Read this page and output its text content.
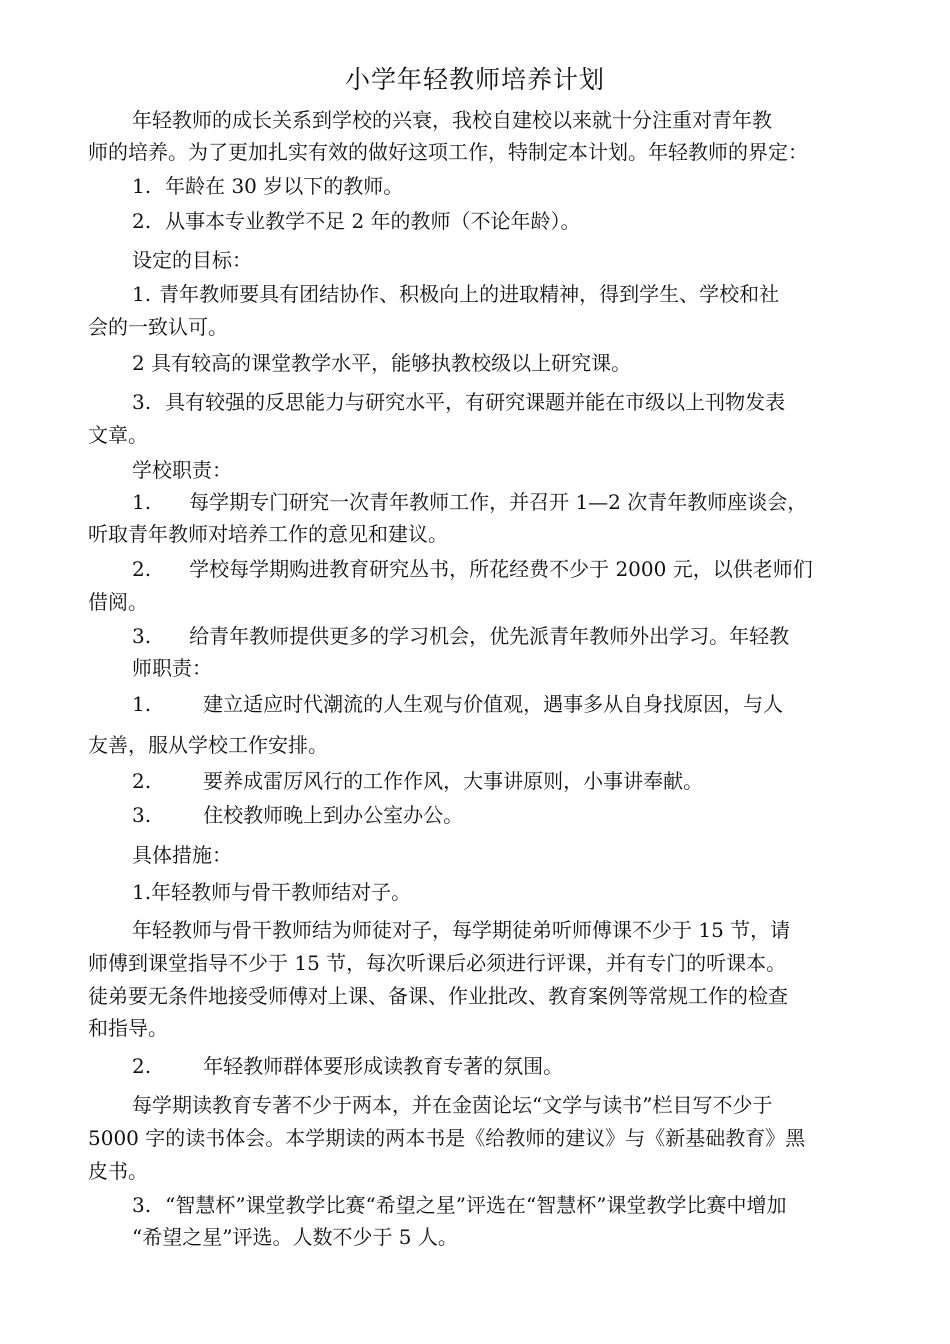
小学年轻教师培养计划
年轻教师的成长关系到学校的兴衰，我校自建校以来就十分注重对青年教
师的培养。为了更加扎实有效的做好这项工作，特制定本计划。年轻教师的界定：
1. 年龄在 30 岁以下的教师。
2. 从事本专业教学不足 2 年的教师（不论年龄）。
设定的目标：
1. 青年教师要具有团结协作、积极向上的进取精神，得到学生、学校和社
会的一致认可。
2 具有较高的课堂教学水平，能够执教校级以上研究课。
3. 具有较强的反思能力与研究水平，有研究课题并能在市级以上刊物发表
文章。
学校职责：
1. 每学期专门研究一次青年教师工作，并召开 1—2 次青年教师座谈会，
听取青年教师对培养工作的意见和建议。
2. 学校每学期购进教育研究丛书，所花经费不少于 2000 元，以供老师们
借阅。
3. 给青年教师提供更多的学习机会，优先派青年教师外出学习。年轻教
师职责：
1.	建立适应时代潮流的人生观与价值观，遇事多从自身找原因，与人
友善，服从学校工作安排。
2.	要养成雷厉风行的工作作风，大事讲原则，小事讲奉献。
3.	住校教师晚上到办公室办公。
具体措施：
1.年轻教师与骨干教师结对子。
年轻教师与骨干教师结为师徒对子，每学期徒弟听师傅课不少于 15 节，请
师傅到课堂指导不少于 15 节，每次听课后必须进行评课，并有专门的听课本。
徒弟要无条件地接受师傅对上课、备课、作业批改、教育案例等常规工作的检查
和指导。
2.	年轻教师群体要形成读教育专著的氛围。
每学期读教育专著不少于两本，并在金茵论坛“文学与读书”栏目写不少于
5000 字的读书体会。本学期读的两本书是《给教师的建议》与《新基础教育》黑
皮书。
3. “智慧杯”课堂教学比赛“希望之星”评选在“智慧杯”课堂教学比赛中增加
“希望之星”评选。人数不少于 5 人。
